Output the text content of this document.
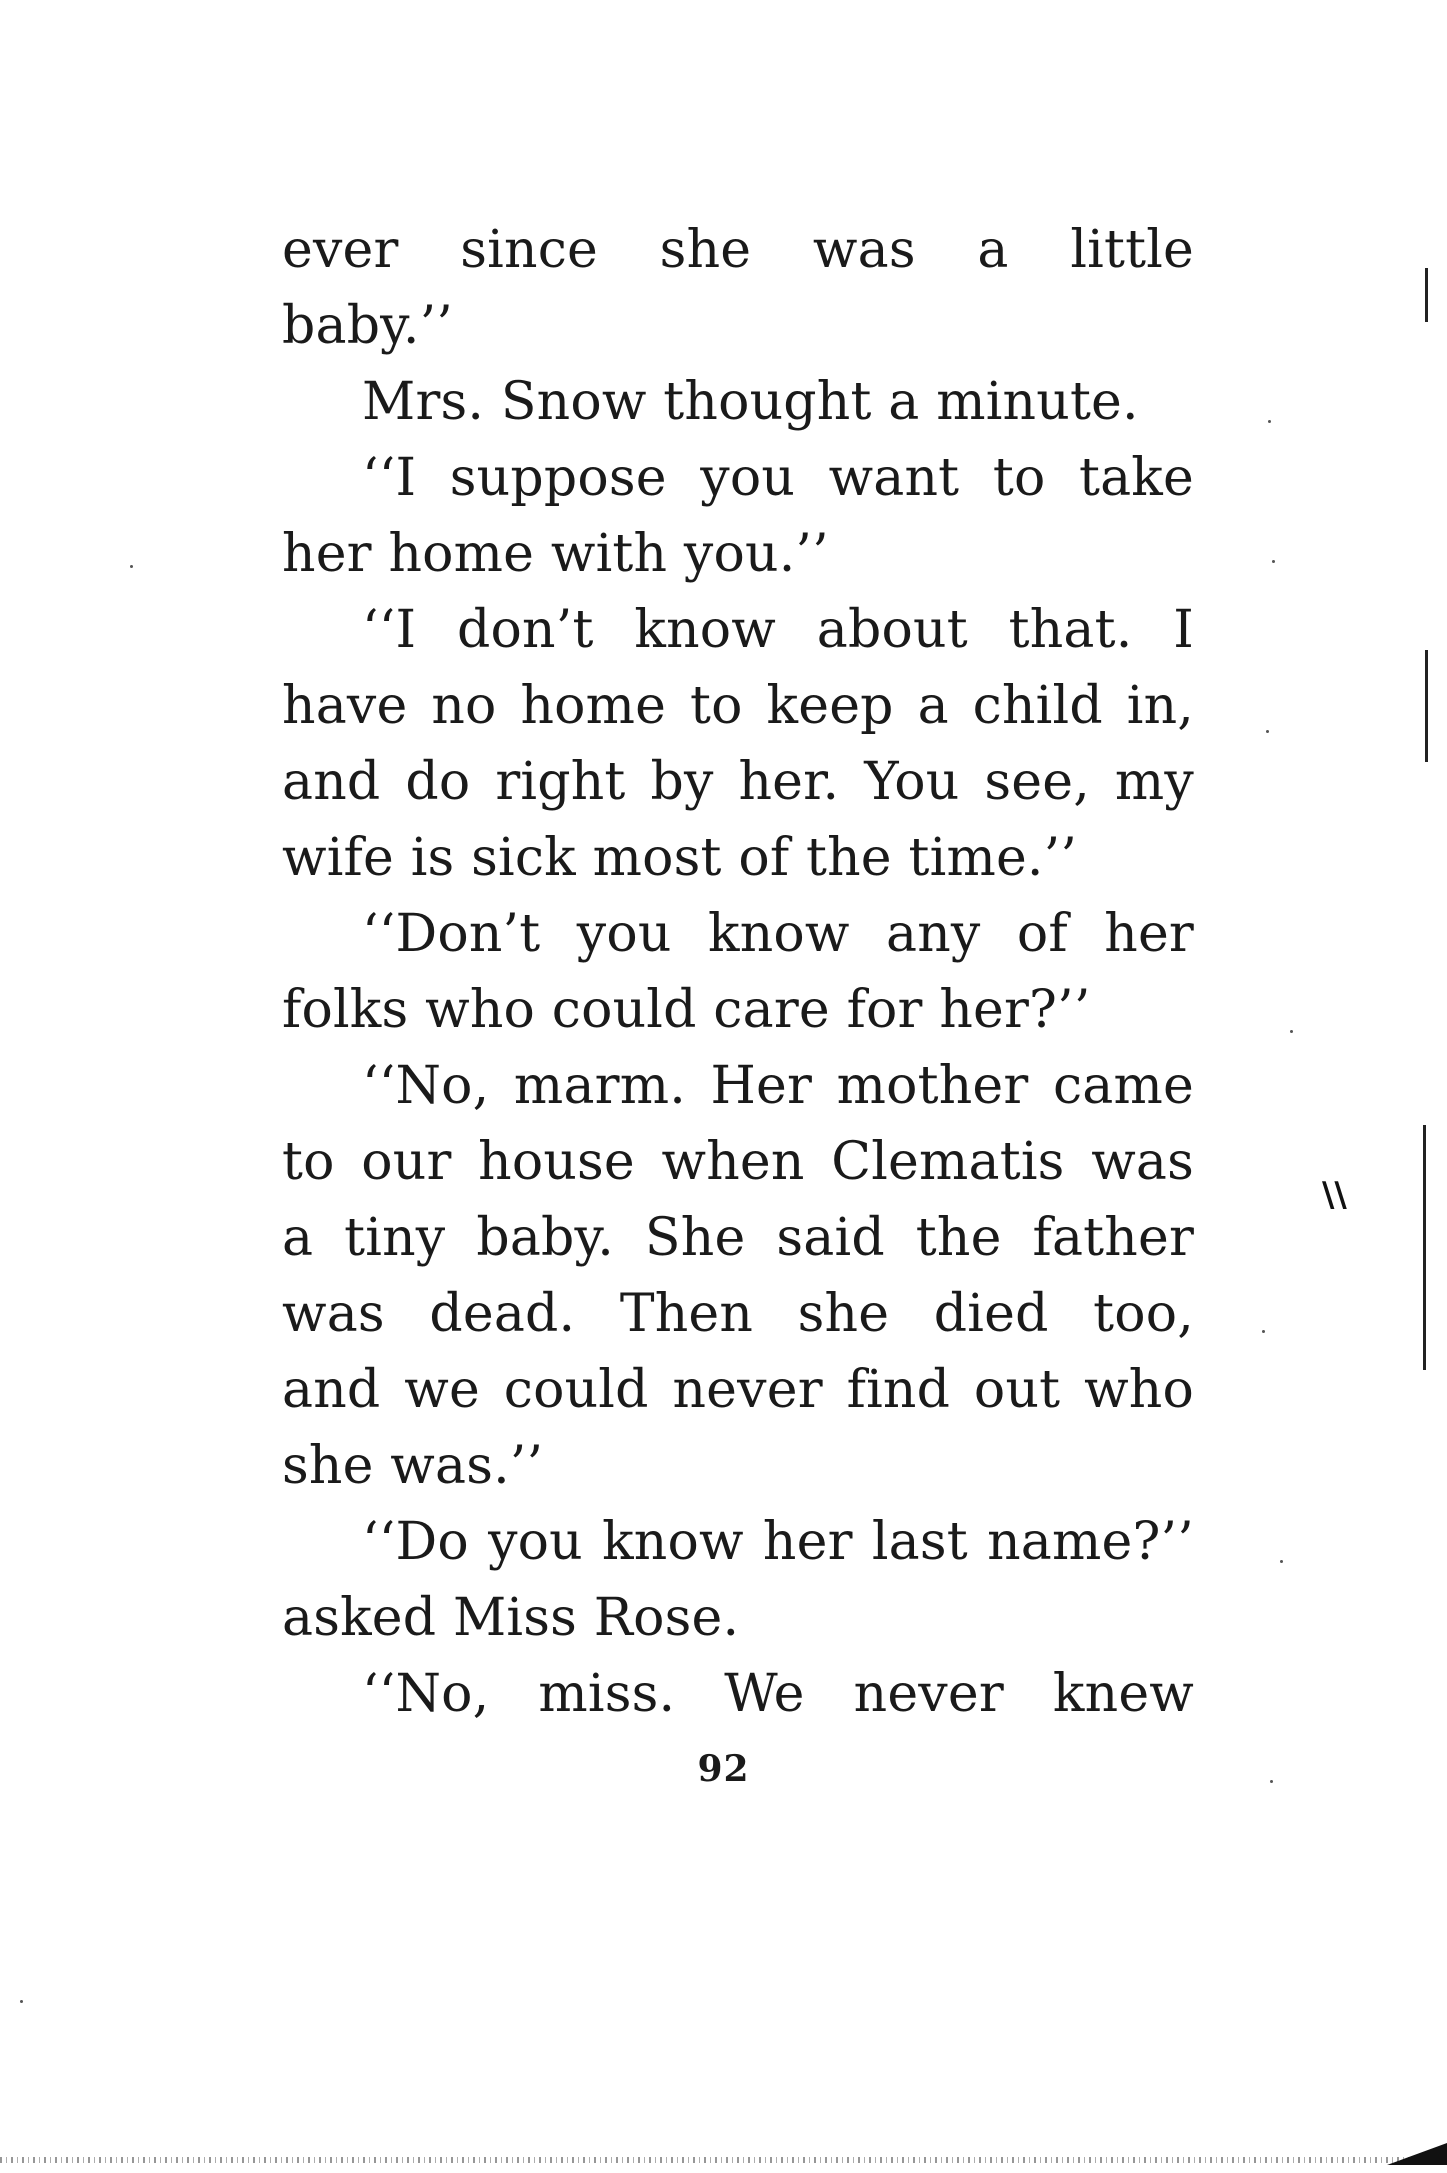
ever since she was a little
baby.’’
Mrs. Snow thought a minute.
‘‘I suppose you want to take
her home with you.’’
‘‘I don’t know about that. I
have no home to keep a child in,
and do right by her. You see, my
wife is sick most of the time.’’
‘‘Don’t you know any of her
folks who could care for her?’’
‘‘No, marm. Her mother came
to our house when Clematis was
a tiny baby. She said the father
was dead. Then she died too,
and we could never find out who
she was.’’
‘‘Do you know her last name?’’
asked Miss Rose.
‘‘No, miss. We never knew
92
\\
